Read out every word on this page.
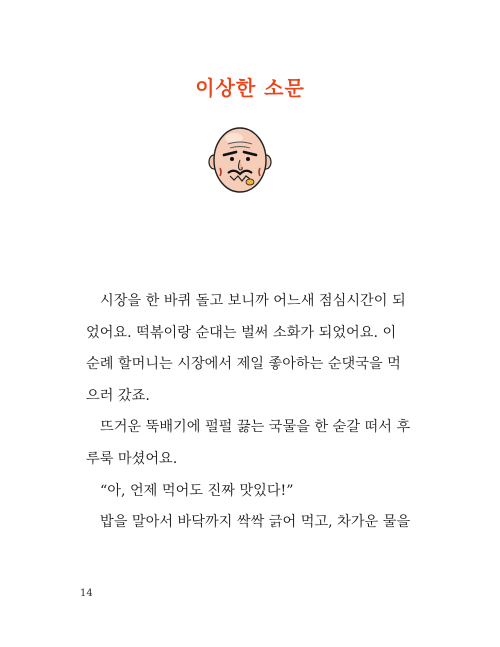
이상한 소문
시장을 한 바퀴 돌고 보니까 어느새 점심시간이 되
었어요. 떡볶이랑 순대는 벌써 소화가 되었어요. 이
순례 할머니는 시장에서 제일 좋아하는 순댓국을 먹
으러 갔죠.
뜨거운 뚝배기에 펄펄 끓는 국물을 한 숟갈 떠서 후
루룩 마셨어요.
“아, 언제 먹어도 진짜 맛있다!”
밥을 말아서 바닥까지 싹싹 긁어 먹고, 차가운 물을
14
